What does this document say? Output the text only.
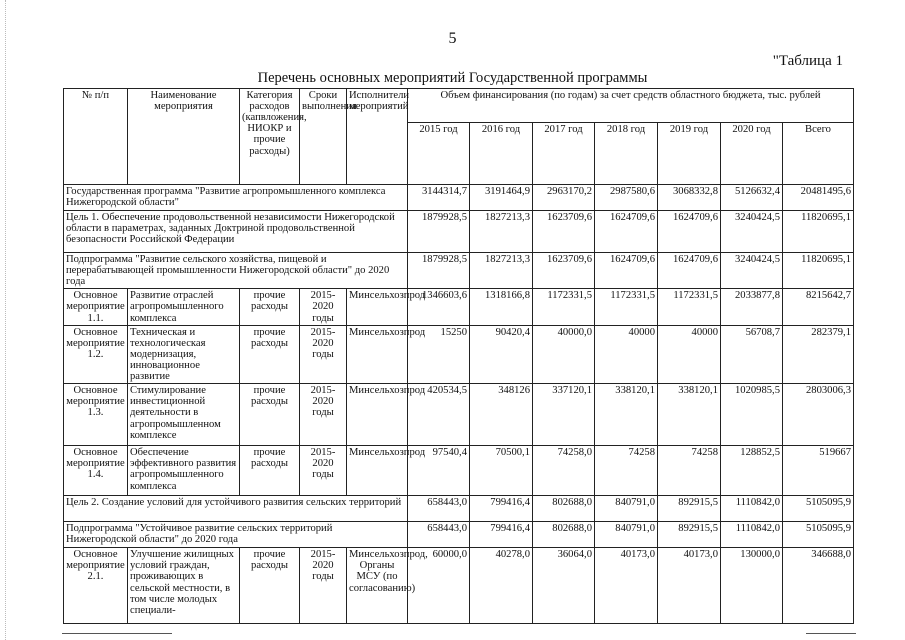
5
"Таблица 1
Перечень основных мероприятий Государственной программы
№ п/п	Наименование мероприятия	Категория расходов (капвложения, НИОКР и прочие расходы)	Сроки выполнения	Исполнители мероприятий	Объем финансирования (по годам) за счет средств областного бюджета, тыс. рублей						
					2015 год	2016 год	2017 год	2018 год	2019 год	2020 год	Всего
Государственная программа "Развитие агропромышленного комплекса Нижегородской области"					3144314,7	3191464,9	2963170,2	2987580,6	3068332,8	5126632,4	20481495,6
Цель 1. Обеспечение продовольственной независимости Нижегородской области в параметрах, заданных Доктриной продовольственной безопасности Российской Федерации					1879928,5	1827213,3	1623709,6	1624709,6	1624709,6	3240424,5	11820695,1
Подпрограмма "Развитие сельского хозяйства, пищевой и перерабатывающей промышленности Нижегородской области" до 2020 года					1879928,5	1827213,3	1623709,6	1624709,6	1624709,6	3240424,5	11820695,1
Основное мероприятие 1.1.	Развитие отраслей агропромышленного комплекса	прочие расходы	2015-2020 годы	Минсельхозпрод	1346603,6	1318166,8	1172331,5	1172331,5	1172331,5	2033877,8	8215642,7
Основное мероприятие 1.2.	Техническая и технологическая модернизация, инновационное развитие	прочие расходы	2015-2020 годы	Минсельхозпрод	15250	90420,4	40000,0	40000	40000	56708,7	282379,1
Основное мероприятие 1.3.	Стимулирование инвестиционной деятельности в агропромышленном комплексе	прочие расходы	2015-2020 годы	Минсельхозпрод	420534,5	348126	337120,1	338120,1	338120,1	1020985,5	2803006,3
Основное мероприятие 1.4.	Обеспечение эффективного развития агропромышленного комплекса	прочие расходы	2015-2020 годы	Минсельхозпрод	97540,4	70500,1	74258,0	74258	74258	128852,5	519667
Цель 2. Создание условий для устойчивого развития сельских территорий					658443,0	799416,4	802688,0	840791,0	892915,5	1110842,0	5105095,9
Подпрограмма "Устойчивое развитие сельских территорий Нижегородской области" до 2020 года					658443,0	799416,4	802688,0	840791,0	892915,5	1110842,0	5105095,9
Основное мероприятие 2.1.	Улучшение жилищных условий граждан, проживающих в сельской местности, в том числе молодых специали-	прочие расходы	2015-2020 годы	Минсельхозпрод, Органы МСУ (по согласованию)	60000,0	40278,0	36064,0	40173,0	40173,0	130000,0	346688,0
